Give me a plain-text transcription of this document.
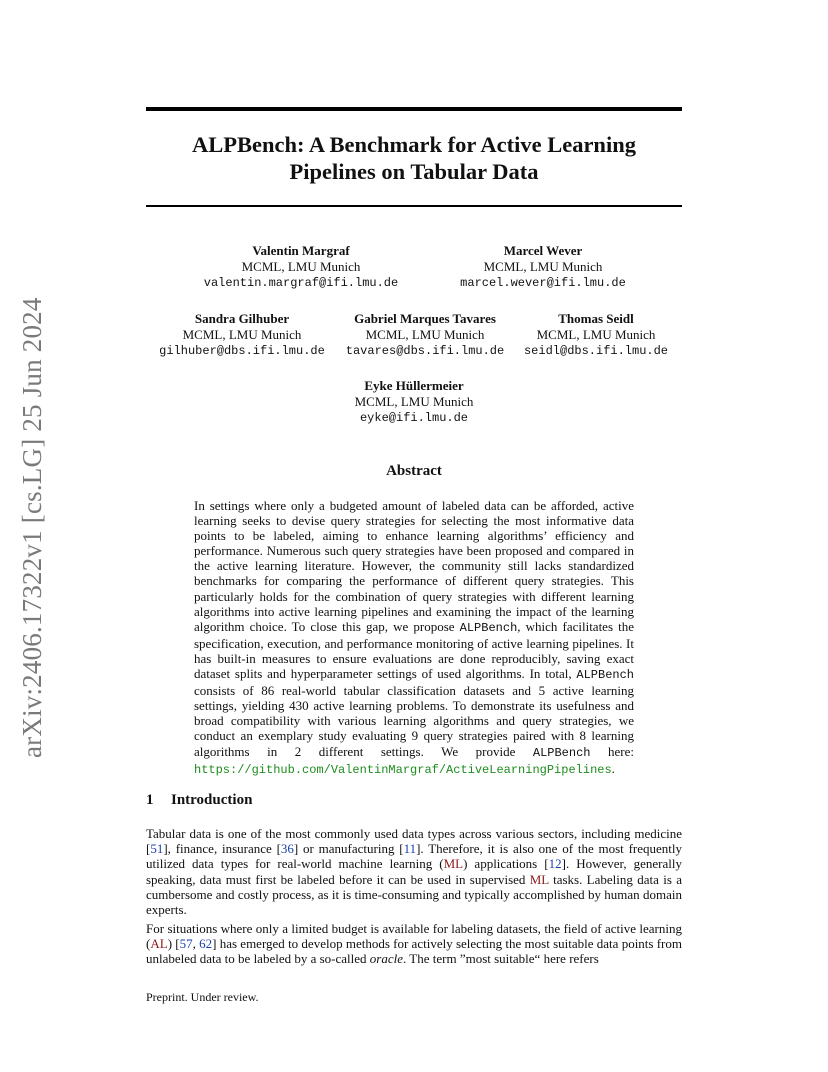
arXiv:2406.17322v1 [cs.LG] 25 Jun 2024
ALPBench: A Benchmark for Active Learning
Pipelines on Tabular Data
Valentin Margraf
MCML, LMU Munich
valentin.margraf@ifi.lmu.de
Marcel Wever
MCML, LMU Munich
marcel.wever@ifi.lmu.de
Sandra Gilhuber
MCML, LMU Munich
gilhuber@dbs.ifi.lmu.de
Gabriel Marques Tavares
MCML, LMU Munich
tavares@dbs.ifi.lmu.de
Thomas Seidl
MCML, LMU Munich
seidl@dbs.ifi.lmu.de
Eyke Hüllermeier
MCML, LMU Munich
eyke@ifi.lmu.de
Abstract
In settings where only a budgeted amount of labeled data can be afforded, active learning seeks to devise query strategies for selecting the most informative data points to be labeled, aiming to enhance learning algorithms’ efficiency and performance. Numerous such query strategies have been proposed and compared in the active learning literature. However, the community still lacks standardized benchmarks for comparing the performance of different query strategies. This particularly holds for the combination of query strategies with different learning algorithms into active learning pipelines and examining the impact of the learning algorithm choice. To close this gap, we propose ALPBench, which facilitates the specification, execution, and performance monitoring of active learning pipelines. It has built-in measures to ensure evaluations are done reproducibly, saving exact dataset splits and hyperparameter settings of used algorithms. In total, ALPBench consists of 86 real-world tabular classification datasets and 5 active learning settings, yielding 430 active learning problems. To demonstrate its usefulness and broad compatibility with various learning algorithms and query strategies, we conduct an exemplary study evaluating 9 query strategies paired with 8 learning algorithms in 2 different settings. We provide ALPBench here: https://github.com/ValentinMargraf/ActiveLearningPipelines.
1 Introduction
Tabular data is one of the most commonly used data types across various sectors, including medicine [51], finance, insurance [36] or manufacturing [11]. Therefore, it is also one of the most frequently utilized data types for real-world machine learning (ML) applications [12]. However, generally speaking, data must first be labeled before it can be used in supervised ML tasks. Labeling data is a cumbersome and costly process, as it is time-consuming and typically accomplished by human domain experts.
For situations where only a limited budget is available for labeling datasets, the field of active learning (AL) [57, 62] has emerged to develop methods for actively selecting the most suitable data points from unlabeled data to be labeled by a so-called oracle. The term ”most suitable“ here refers
Preprint. Under review.
